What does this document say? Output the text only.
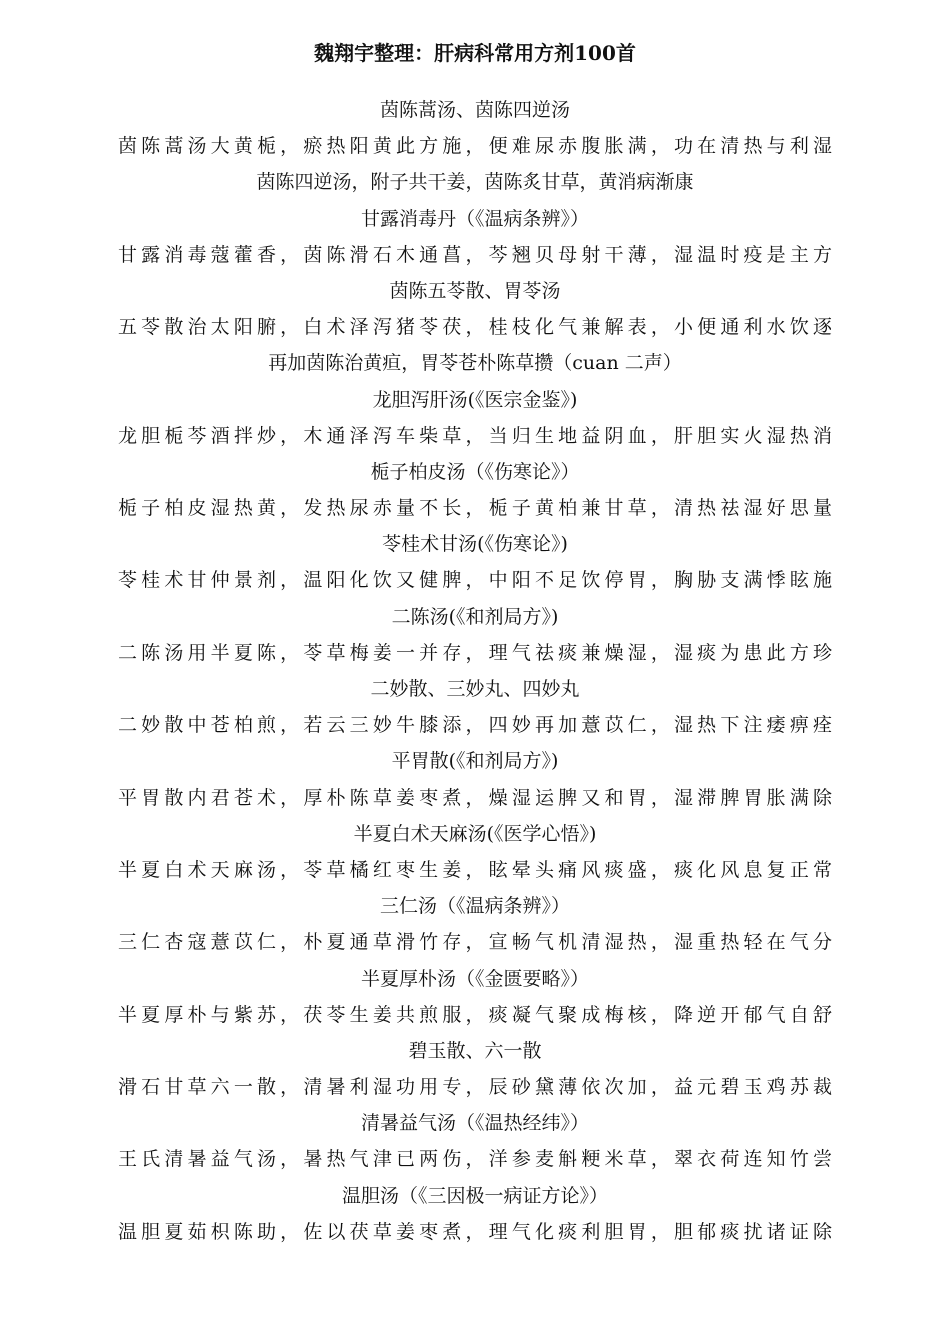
魏翔宇整理：肝病科常用方剂100首
茵陈蒿汤、茵陈四逆汤
茵陈蒿汤大黄栀，瘀热阳黄此方施，便难尿赤腹胀满，功在清热与利湿
茵陈四逆汤，附子共干姜，茵陈炙甘草，黄消病渐康
甘露消毒丹（《温病条辨》）
甘露消毒蔻藿香，茵陈滑石木通菖，芩翘贝母射干薄，湿温时疫是主方
茵陈五苓散、胃苓汤
五苓散治太阳腑，白术泽泻猪苓茯，桂枝化气兼解表，小便通利水饮逐
再加茵陈治黄疸，胃苓苍朴陈草攒（cuan 二声）
龙胆泻肝汤(《医宗金鉴》)
龙胆栀芩酒拌炒，木通泽泻车柴草，当归生地益阴血，肝胆实火湿热消
栀子柏皮汤（《伤寒论》）
栀子柏皮湿热黄，发热尿赤量不长，栀子黄柏兼甘草，清热祛湿好思量
苓桂术甘汤(《伤寒论》)
苓桂术甘仲景剂，温阳化饮又健脾，中阳不足饮停胃，胸胁支满悸眩施
二陈汤(《和剂局方》)
二陈汤用半夏陈，苓草梅姜一并存，理气祛痰兼燥湿，湿痰为患此方珍
二妙散、三妙丸、四妙丸
二妙散中苍柏煎，若云三妙牛膝添，四妙再加薏苡仁，湿热下注痿痹痊
平胃散(《和剂局方》)
平胃散内君苍术，厚朴陈草姜枣煮，燥湿运脾又和胃，湿滞脾胃胀满除
半夏白术天麻汤(《医学心悟》)
半夏白术天麻汤，苓草橘红枣生姜，眩晕头痛风痰盛，痰化风息复正常
三仁汤（《温病条辨》）
三仁杏寇薏苡仁，朴夏通草滑竹存，宣畅气机清湿热，湿重热轻在气分
半夏厚朴汤（《金匮要略》）
半夏厚朴与紫苏，茯苓生姜共煎服，痰凝气聚成梅核，降逆开郁气自舒
碧玉散、六一散
滑石甘草六一散，清暑利湿功用专，辰砂黛薄依次加，益元碧玉鸡苏裁
清暑益气汤（《温热经纬》）
王氏清暑益气汤，暑热气津已两伤，洋参麦斛粳米草，翠衣荷连知竹尝
温胆汤（《三因极一病证方论》）
温胆夏茹枳陈助，佐以茯草姜枣煮，理气化痰利胆胃，胆郁痰扰诸证除
